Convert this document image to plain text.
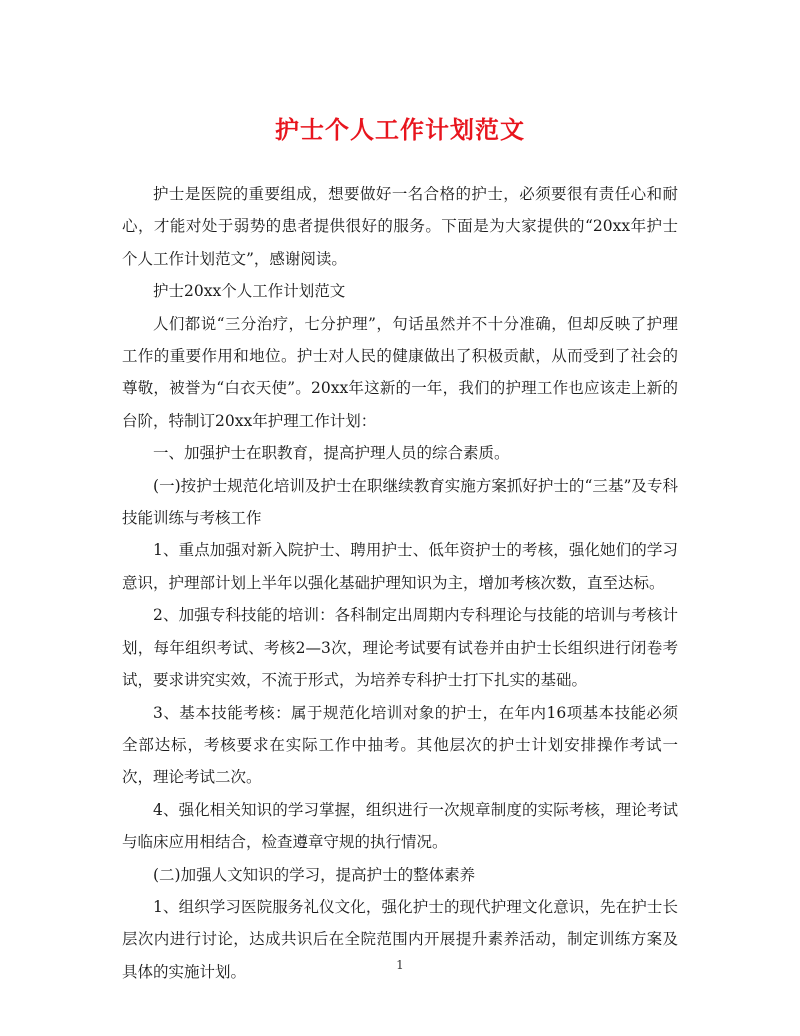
护士个人工作计划范文

护士是医院的重要组成，想要做好一名合格的护士，必须要很有责任心和耐心，才能对处于弱势的患者提供很好的服务。下面是为大家提供的“20xx年护士个人工作计划范文”，感谢阅读。

护士20xx个人工作计划范文

人们都说“三分治疗，七分护理”，句话虽然并不十分准确，但却反映了护理工作的重要作用和地位。护士对人民的健康做出了积极贡献，从而受到了社会的尊敬，被誉为“白衣天使”。20xx年这新的一年，我们的护理工作也应该走上新的台阶，特制订20xx年护理工作计划：

一、加强护士在职教育，提高护理人员的综合素质。

(一)按护士规范化培训及护士在职继续教育实施方案抓好护士的“三基”及专科技能训练与考核工作

1、重点加强对新入院护士、聘用护士、低年资护士的考核，强化她们的学习意识，护理部计划上半年以强化基础护理知识为主，增加考核次数，直至达标。

2、加强专科技能的培训：各科制定出周期内专科理论与技能的培训与考核计划，每年组织考试、考核2—3次，理论考试要有试卷并由护士长组织进行闭卷考试，要求讲究实效，不流于形式，为培养专科护士打下扎实的基础。

3、基本技能考核：属于规范化培训对象的护士，在年内16项基本技能必须全部达标，考核要求在实际工作中抽考。其他层次的护士计划安排操作考试一次，理论考试二次。

4、强化相关知识的学习掌握，组织进行一次规章制度的实际考核，理论考试与临床应用相结合，检查遵章守规的执行情况。

(二)加强人文知识的学习，提高护士的整体素养

1、组织学习医院服务礼仪文化，强化护士的现代护理文化意识，先在护士长层次内进行讨论，达成共识后在全院范围内开展提升素养活动，制定训练方案及具体的实施计划。	1
